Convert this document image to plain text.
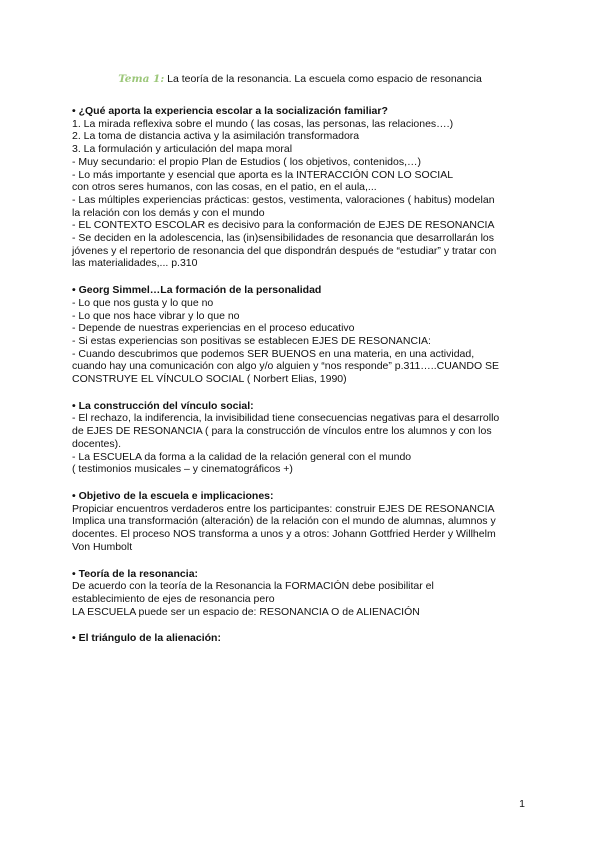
Tema 1: La teoría de la resonancia. La escuela como espacio de resonancia
• ¿Qué aporta la experiencia escolar a la socialización familiar?

1. La mirada reflexiva sobre el mundo ( las cosas, las personas, las relaciones….)

2. La toma de distancia activa y la asimilación transformadora

3. La formulación y articulación del mapa moral

- Muy secundario: el propio Plan de Estudios ( los objetivos, contenidos,…)

- Lo más importante y esencial que aporta es la INTERACCIÓN CON LO SOCIAL

con otros seres humanos, con las cosas, en el patio, en el aula,...

- Las múltiples experiencias prácticas: gestos, vestimenta, valoraciones ( habitus) modelan

la relación con los demás y con el mundo

- EL CONTEXTO ESCOLAR es decisivo para la conformación de EJES DE RESONANCIA

- Se deciden en la adolescencia, las (in)sensibilidades de resonancia que desarrollarán los

jóvenes y el repertorio de resonancia del que dispondrán después de “estudiar” y tratar con

las materialidades,... p.310

• Georg Simmel…La formación de la personalidad

- Lo que nos gusta y lo que no

- Lo que nos hace vibrar y lo que no

- Depende de nuestras experiencias en el proceso educativo

- Si estas experiencias son positivas se establecen EJES DE RESONANCIA:

- Cuando descubrimos que podemos SER BUENOS en una materia, en una actividad,

cuando hay una comunicación con algo y/o alguien y “nos responde” p.311…..CUANDO SE

CONSTRUYE EL VÍNCULO SOCIAL ( Norbert Elias, 1990)

• La construcción del vínculo social:

- El rechazo, la indiferencia, la invisibilidad tiene consecuencias negativas para el desarrollo

de EJES DE RESONANCIA ( para la construcción de vínculos entre los alumnos y con los

docentes).

- La ESCUELA da forma a la calidad de la relación general con el mundo

( testimonios musicales – y cinematográficos +)

• Objetivo de la escuela e implicaciones:

Propiciar encuentros verdaderos entre los participantes: construir EJES DE RESONANCIA

Implica una transformación (alteración) de la relación con el mundo de alumnas, alumnos y

docentes. El proceso NOS transforma a unos y a otros: Johann Gottfried Herder y Willhelm

Von Humbolt

• Teoría de la resonancia:

De acuerdo con la teoría de la Resonancia la FORMACIÓN debe posibilitar el

establecimiento de ejes de resonancia pero

LA ESCUELA puede ser un espacio de: RESONANCIA O de ALIENACIÓN

• El triángulo de la alienación:
1
